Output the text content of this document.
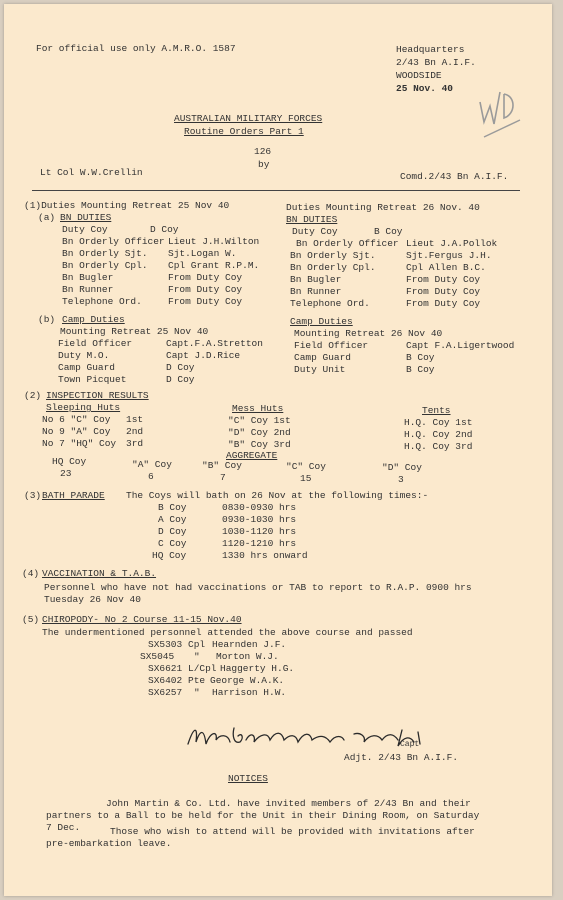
For official use only A.M.R.O. 1587	Headquarters
2/43 Bn A.I.F.
WOODSIDE
25 Nov. 40
AUSTRALIAN MILITARY FORCES
Routine Orders Part 1
126
by
Lt Col W.W.Crellin	Comd.2/43 Bn A.I.F.
(1)Duties Mounting Retreat 25 Nov 40
(a) BN DUTIES
Duty Coy	D Coy
Bn Orderly Officer Lieut J.H.Wilton
Bn Orderly Sjt. Sjt.Logan W.
Bn Orderly Cpl. Cpl Grant R.P.M.
Bn Bugler	From Duty Coy
Bn Runner	From Duty Coy
Telephone Ord.	From Duty Coy
Duties Mounting Retreat 26 Nov. 40
BN DUTIES
Duty Coy	B Coy
Bn Orderly Officer Lieut J.A.Pollok
Bn Orderly Sjt.	Sjt.Fergus J.H.
Bn Orderly Cpl.	Cpl Allen B.C.
Bn Bugler	From Duty Coy
Bn Runner	From Duty Coy
Telephone Ord.	From Duty Coy
(b) Camp Duties
Mounting Retreat 25 Nov 40
Field Officer	Capt.F.A.Stretton
Duty M.O.	Capt J.D.Rice
Camp Guard	D Coy
Town Picquet	D Coy
Camp Duties
Mounting Retreat 26 Nov 40
Field Officer	Capt F.A.Ligertwood
Camp Guard	B Coy
Duty Unit	B Coy
(2) INSPECTION RESULTS
Sleeping Huts
No 6 "C" Coy 1st
No 9 "A" Coy 2nd
No 7 "HQ" Coy 3rd
Mess Huts
"C" Coy 1st
"D" Coy 2nd
"B" Coy 3rd
Tents
H.Q. Coy 1st
H.Q. Coy 2nd
H.Q. Coy 3rd
AGGREGATE
HQ Coy
23
"A" Coy
6
"B" Coy
7
"C" Coy
15
"D" Coy
3
(3) BATH PARADE The Coys will bath on 26 Nov at the following times:-
B Coy	0830-0930 hrs
A Coy	0930-1030 hrs
D Coy	1030-1120 hrs
C Coy	1120-1210 hrs
HQ Coy	1330 hrs onward
(4) VACCINATION & T.A.B.
Personnel who have not had vaccinations or TAB to report to R.A.P. 0900 hrs
Tuesday 26 Nov 40
(5) CHIROPODY- No 2 Course 11-15 Nov.40
The undermentioned personnel attended the above course and passed
SX5303 Cpl Hearnden J.F.
SX5045 " Morton W.J.
SX6621 L/Cpl Haggerty H.G.
SX6402 Pte George W.A.K.
SX6257 " Harrison H.W.
Capt
Adjt. 2/43 Bn A.I.F.
NOTICES
John Martin & Co. Ltd. have invited members of 2/43 Bn and their
partners to a Ball to be held for the Unit in their Dining Room, on Saturday
7 Dec.	Those who wish to attend will be provided with invitations after
pre-embarkation leave.
